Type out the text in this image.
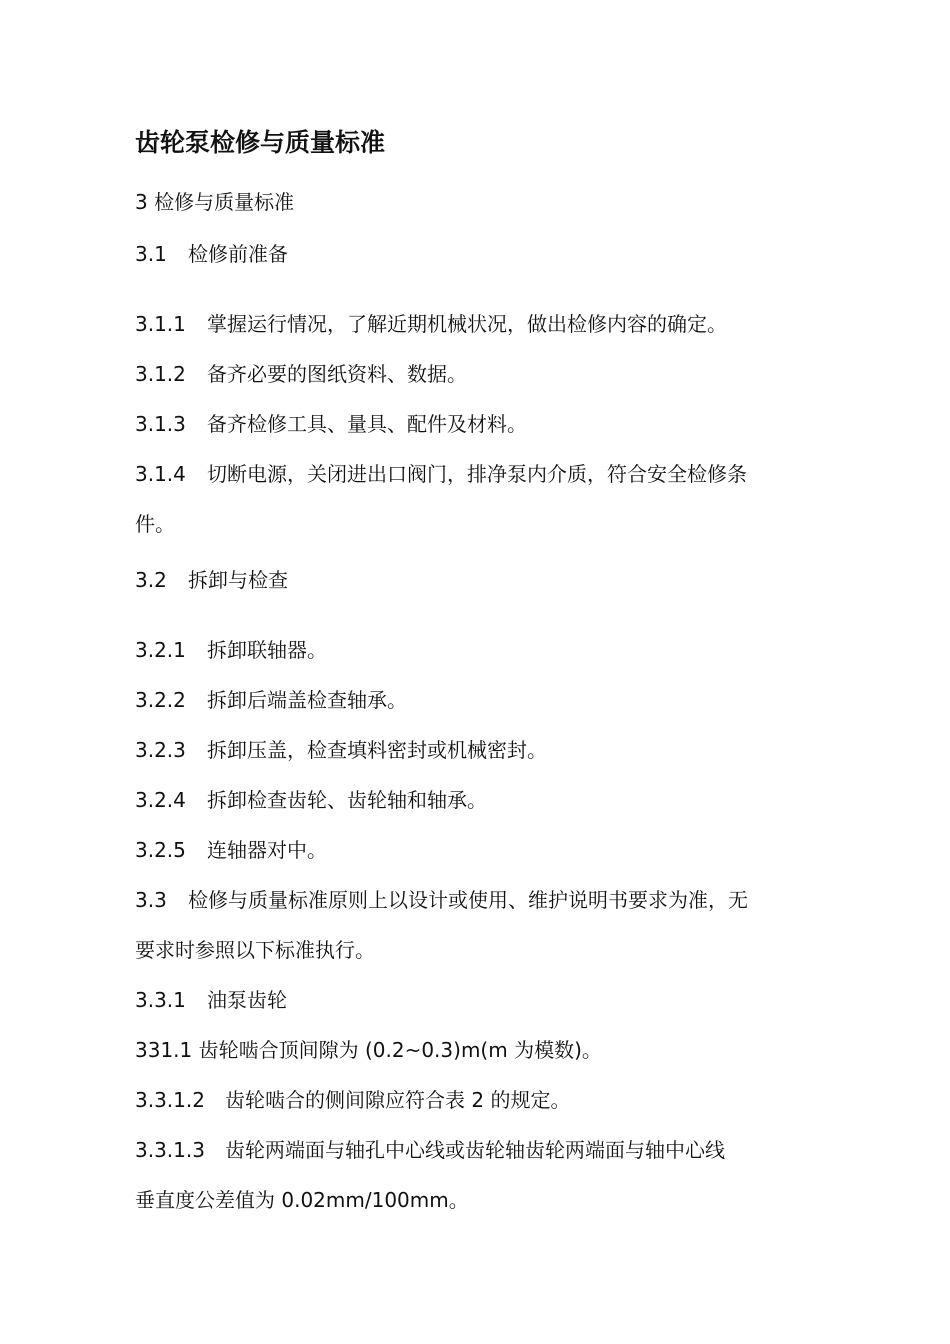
齿轮泵检修与质量标准
3 检修与质量标准
3.1 检修前准备
3.1.1 掌握运行情况，了解近期机械状况，做出检修内容的确定。
3.1.2 备齐必要的图纸资料、数据。
3.1.3 备齐检修工具、量具、配件及材料。
3.1.4 切断电源，关闭进出口阀门，排净泵内介质，符合安全检修条
件。
3.2 拆卸与检查
3.2.1 拆卸联轴器。
3.2.2 拆卸后端盖检查轴承。
3.2.3 拆卸压盖，检查填料密封或机械密封。
3.2.4 拆卸检查齿轮、齿轮轴和轴承。
3.2.5 连轴器对中。
3.3 检修与质量标准原则上以设计或使用、维护说明书要求为准，无
要求时参照以下标准执行。
3.3.1 油泵齿轮
331.1 齿轮啮合顶间隙为 (0.2~0.3)m(m 为模数)。
3.3.1.2 齿轮啮合的侧间隙应符合表 2 的规定。
3.3.1.3 齿轮两端面与轴孔中心线或齿轮轴齿轮两端面与轴中心线
垂直度公差值为 0.02mm/100mm。
